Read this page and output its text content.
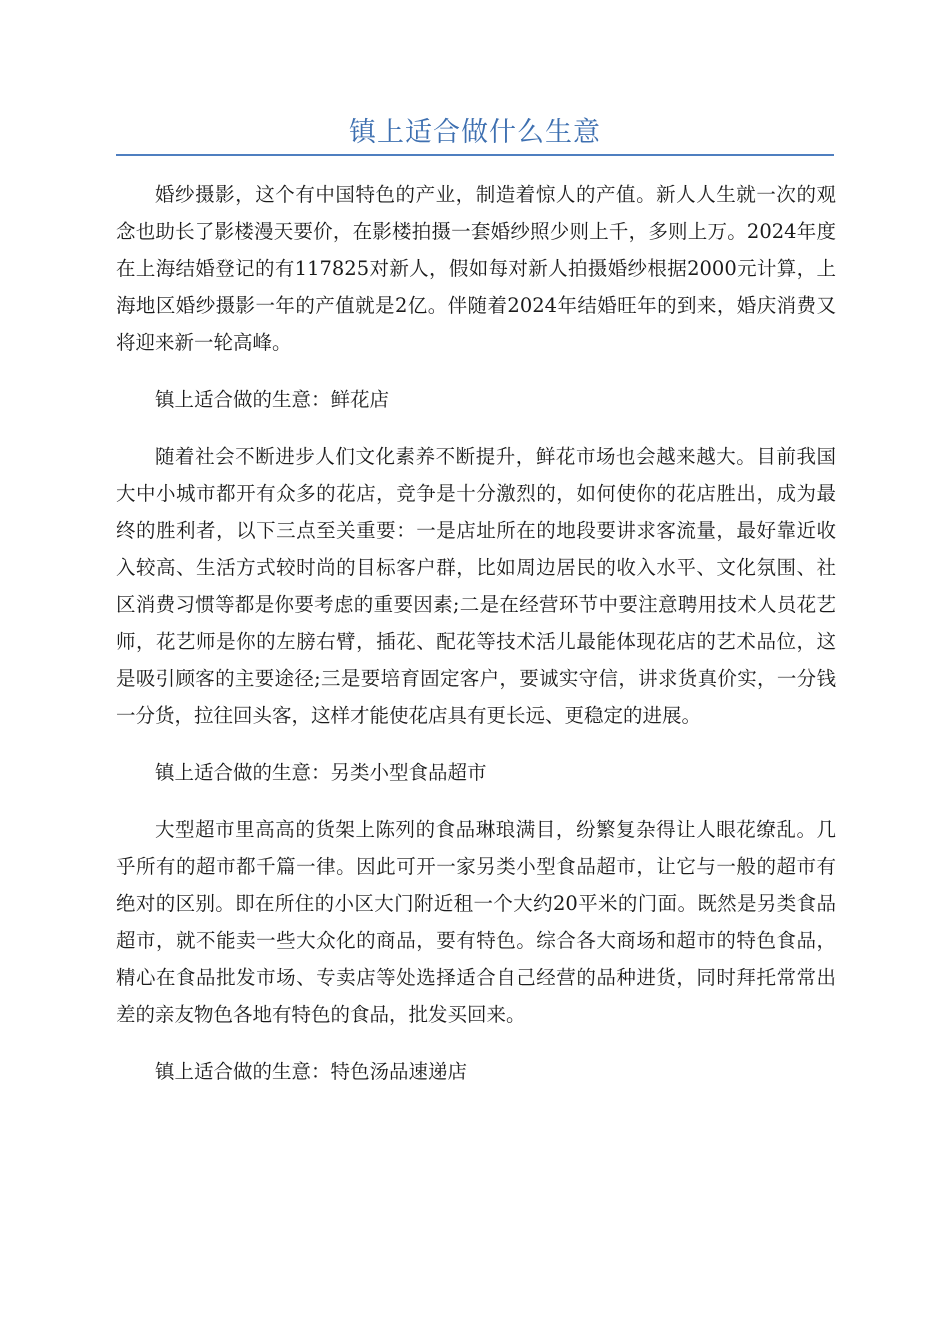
镇上适合做什么生意

婚纱摄影，这个有中国特色的产业，制造着惊人的产值。新人人生就一次的观念也助长了影楼漫天要价，在影楼拍摄一套婚纱照少则上千，多则上万。2024年度在上海结婚登记的有117825对新人，假如每对新人拍摄婚纱根据2000元计算，上海地区婚纱摄影一年的产值就是2亿。伴随着2024年结婚旺年的到来，婚庆消费又将迎来新一轮高峰。

镇上适合做的生意：鲜花店

随着社会不断进步人们文化素养不断提升，鲜花市场也会越来越大。目前我国大中小城市都开有众多的花店，竞争是十分激烈的，如何使你的花店胜出，成为最终的胜利者，以下三点至关重要：一是店址所在的地段要讲求客流量，最好靠近收入较高、生活方式较时尚的目标客户群，比如周边居民的收入水平、文化氛围、社区消费习惯等都是你要考虑的重要因素;二是在经营环节中要注意聘用技术人员花艺师，花艺师是你的左膀右臂，插花、配花等技术活儿最能体现花店的艺术品位，这是吸引顾客的主要途径;三是要培育固定客户，要诚实守信，讲求货真价实，一分钱一分货，拉往回头客，这样才能使花店具有更长远、更稳定的进展。

镇上适合做的生意：另类小型食品超市

大型超市里高高的货架上陈列的食品琳琅满目，纷繁复杂得让人眼花缭乱。几乎所有的超市都千篇一律。因此可开一家另类小型食品超市，让它与一般的超市有绝对的区别。即在所住的小区大门附近租一个大约20平米的门面。既然是另类食品超市，就不能卖一些大众化的商品，要有特色。综合各大商场和超市的特色食品，精心在食品批发市场、专卖店等处选择适合自己经营的品种进货，同时拜托常常出差的亲友物色各地有特色的食品，批发买回来。

镇上适合做的生意：特色汤品速递店
